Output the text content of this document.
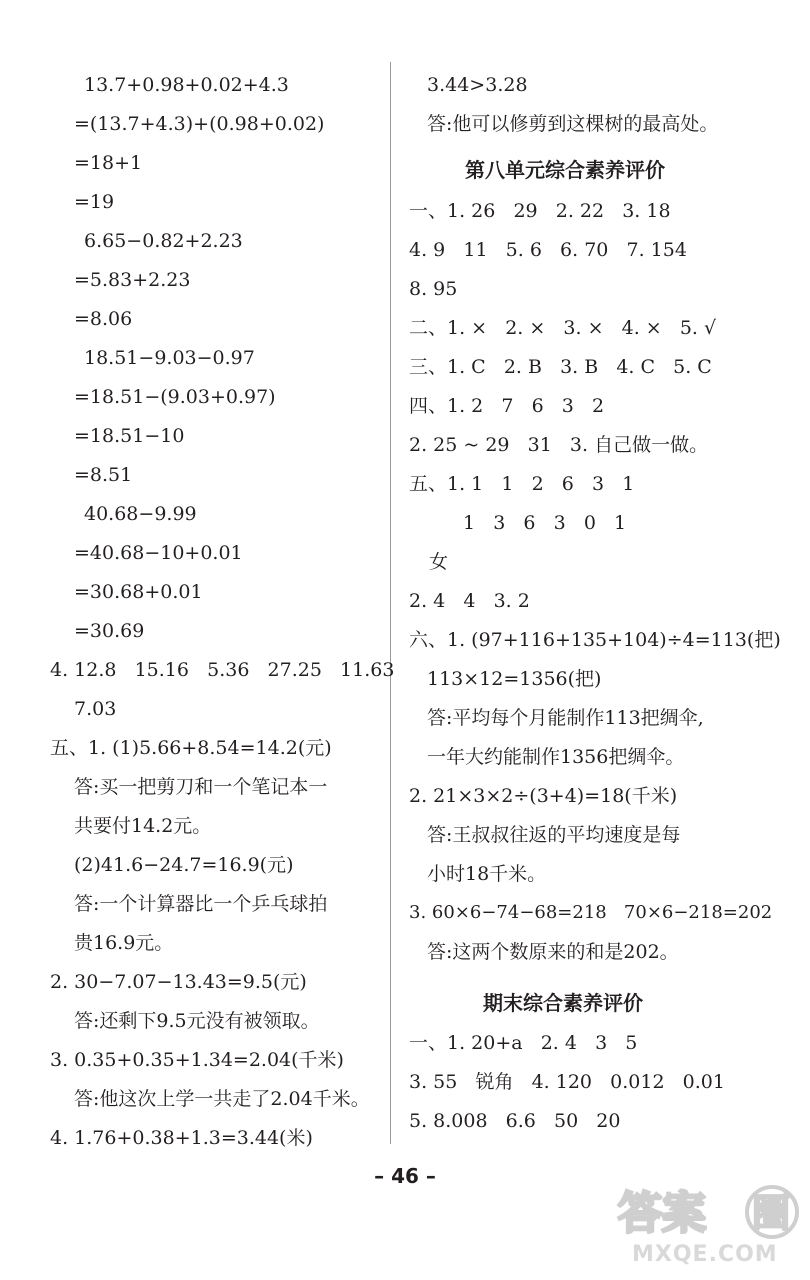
13.7+0.98+0.02+4.3
=(13.7+4.3)+(0.98+0.02)
=18+1
=19
6.65−0.82+2.23
=5.83+2.23
=8.06
18.51−9.03−0.97
=18.51−(9.03+0.97)
=18.51−10
=8.51
40.68−9.99
=40.68−10+0.01
=30.68+0.01
=30.69
4. 12.8   15.16   5.36   27.25   11.63
7.03
五、1. (1)5.66+8.54=14.2(元)
答:买一把剪刀和一个笔记本一
共要付14.2元。
(2)41.6−24.7=16.9(元)
答:一个计算器比一个乒乓球拍
贵16.9元。
2. 30−7.07−13.43=9.5(元)
答:还剩下9.5元没有被领取。
3. 0.35+0.35+1.34=2.04(千米)
答:他这次上学一共走了2.04千米。
4. 1.76+0.38+1.3=3.44(米)
3.44>3.28
答:他可以修剪到这棵树的最高处。
第八单元综合素养评价
一、1. 26   29   2. 22   3. 18
4. 9   11   5. 6   6. 70   7. 154
8. 95
二、1. ×   2. ×   3. ×   4. ×   5. √
三、1. C   2. B   3. B   4. C   5. C
四、1. 2   7   6   3   2
2. 25 ~ 29   31   3. 自己做一做。
五、1. 1   1   2   6   3   1
1   3   6   3   0   1
女
2. 4   4   3. 2
六、1. (97+116+135+104)÷4=113(把)
113×12=1356(把)
答:平均每个月能制作113把绸伞,
一年大约能制作1356把绸伞。
2. 21×3×2÷(3+4)=18(千米)
答:王叔叔往返的平均速度是每
小时18千米。
3. 60×6−74−68=218   70×6−218=202
答:这两个数原来的和是202。
期末综合素养评价
一、1. 20+a   2. 4   3   5
3. 55   锐角   4. 120   0.012   0.01
5. 8.008   6.6   50   20
– 46 –
答案 圈
MXQE.COM
